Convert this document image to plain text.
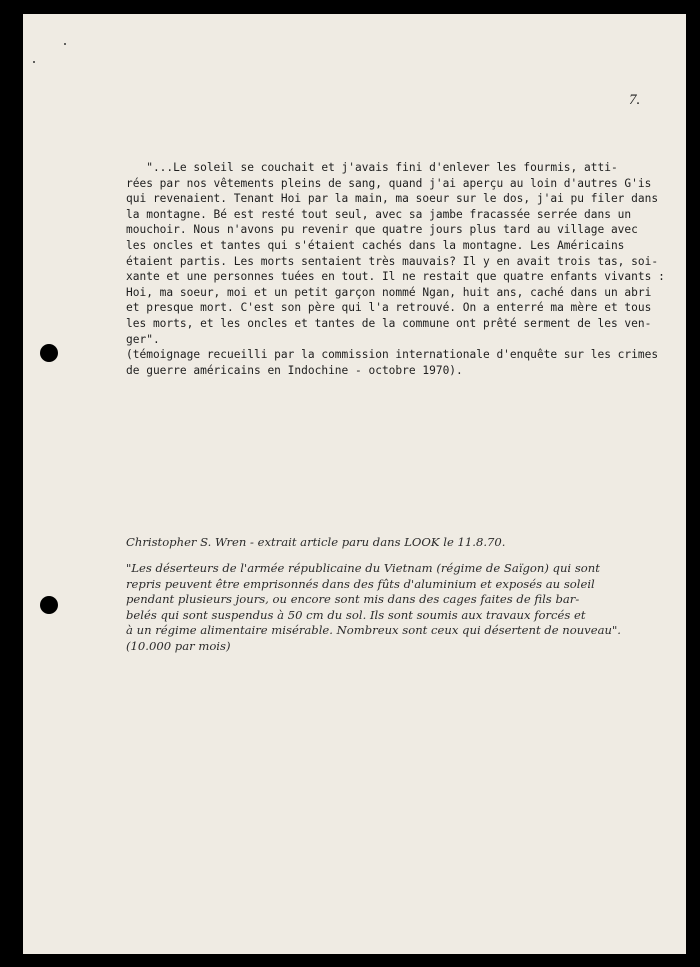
7.
"...Le soleil se couchait et j'avais fini d'enlever les fourmis, atti-
rées par nos vêtements pleins de sang, quand j'ai aperçu au loin d'autres G'is
qui revenaient. Tenant Hoi par la main, ma soeur sur le dos, j'ai pu filer dans
la montagne. Bé est resté tout seul, avec sa jambe fracassée serrée dans un
mouchoir. Nous n'avons pu revenir que quatre jours plus tard au village avec
les oncles et tantes qui s'étaient cachés dans la montagne. Les Américains
étaient partis. Les morts sentaient très mauvais? Il y en avait trois tas, soi-
xante et une personnes tuées en tout. Il ne restait que quatre enfants vivants :
Hoi, ma soeur, moi et un petit garçon nommé Ngan, huit ans, caché dans un abri
et presque mort. C'est son père qui l'a retrouvé. On a enterré ma mère et tous
les morts, et les oncles et tantes de la commune ont prêté serment de les ven-
ger".
(témoignage recueilli par la commission internationale d'enquête sur les crimes
de guerre américains en Indochine - octobre 1970).
Christopher S. Wren - extrait article paru dans LOOK le 11.8.70.
"Les déserteurs de l'armée républicaine du Vietnam (régime de Saïgon) qui sont
repris peuvent être emprisonnés dans des fûts d'aluminium et exposés au soleil
pendant plusieurs jours, ou encore sont mis dans des cages faites de fils bar-
belés qui sont suspendus à 50 cm du sol. Ils sont soumis aux travaux forcés et
à un régime alimentaire misérable. Nombreux sont ceux qui désertent de nouveau".
(10.000 par mois)
